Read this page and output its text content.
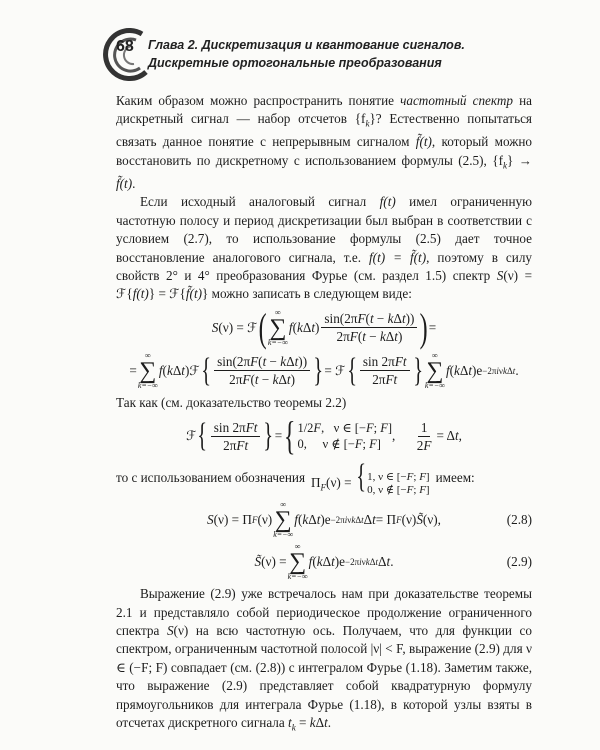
68 Глава 2. Дискретизация и квантование сигналов.
Дискретные ортогональные преобразования

Каким образом можно распространить понятие частотный спектр на дискретный сигнал — набор отсчетов $\{f_k\}$? Естественно попытаться связать данное понятие с непрерывным сигналом f̃(t), который можно восстановить по дискретному с использованием формулы (2.5), $\{f_k\}$ → f̃(t).

Если исходный аналоговый сигнал f(t) имел ограниченную частотную полосу и период дискретизации был выбран в соответствии с условием (2.7), то использование формулы (2.5) дает точное восстановление аналогового сигнала, т.е. f(t) = f̃(t), поэтому в силу свойств 2° и 4° преобразования Фурье (см. раздел 1.5) спектр S(ν) = ℱ{f(t)} = ℱ{f̃(t)} можно записать в следующем виде:

S (ν) = ℱ ( ∞
∑
k=−∞
f ( k Δ t ) $\frac{\text{sin(2πF(t − kΔt))}}{\text{2πF(t − kΔt)}}$ ) =
=
∞
∑
k=−∞
f ( k Δ t )ℱ { $\frac{\text{sin(2πF(t − kΔt))}}{\text{2πF(t − kΔt)}}$ } = ℱ { $\frac{\text{sin 2πFt}}{\text{2πFt}}$ } ∞
∑
k=−∞
f ( k Δ t )e −2πiνkΔt .

Так как (см. доказательство теоремы 2.2)

ℱ { $\frac{\text{sin 2πFt}}{\text{2πFt}}$ } = { 1/2F,   ν ∈ [−F; F]
0,     ν ∉ [−F; F]
, $\frac{1}{2F} = \Delta$ t ,

то с использованием обозначения $\Pi_F(\nu)$ = { 1, ν ∈ [−F; F]
0, ν ∉ [−F; F]
имеем:

S (ν) = Π F (ν)
∞
∑
k=−∞
f ( k Δ t )e −2πiνkΔt Δ t = Π F (ν) S̃ (ν),	(2.8)
S̃ (ν) =
∞
∑
k=−∞
f ( k Δ t )e −2πiνkΔt Δ t .	(2.9)

Выражение (2.9) уже встречалось нам при доказательстве теоремы 2.1 и представляло собой периодическое продолжение ограниченного спектра S(ν) на всю частотную ось. Получаем, что для функции со спектром, ограниченным частотной полосой |ν| < F, выражение (2.9) для ν ∈ (−F; F) совпадает (см. (2.8)) с интегралом Фурье (1.18). Заметим также, что выражение (2.9) представляет собой квадратурную формулу прямоугольников для интеграла Фурье (1.18), в которой узлы взяты в отсчетах дискретного сигнала $t_k = k\Delta t$.
